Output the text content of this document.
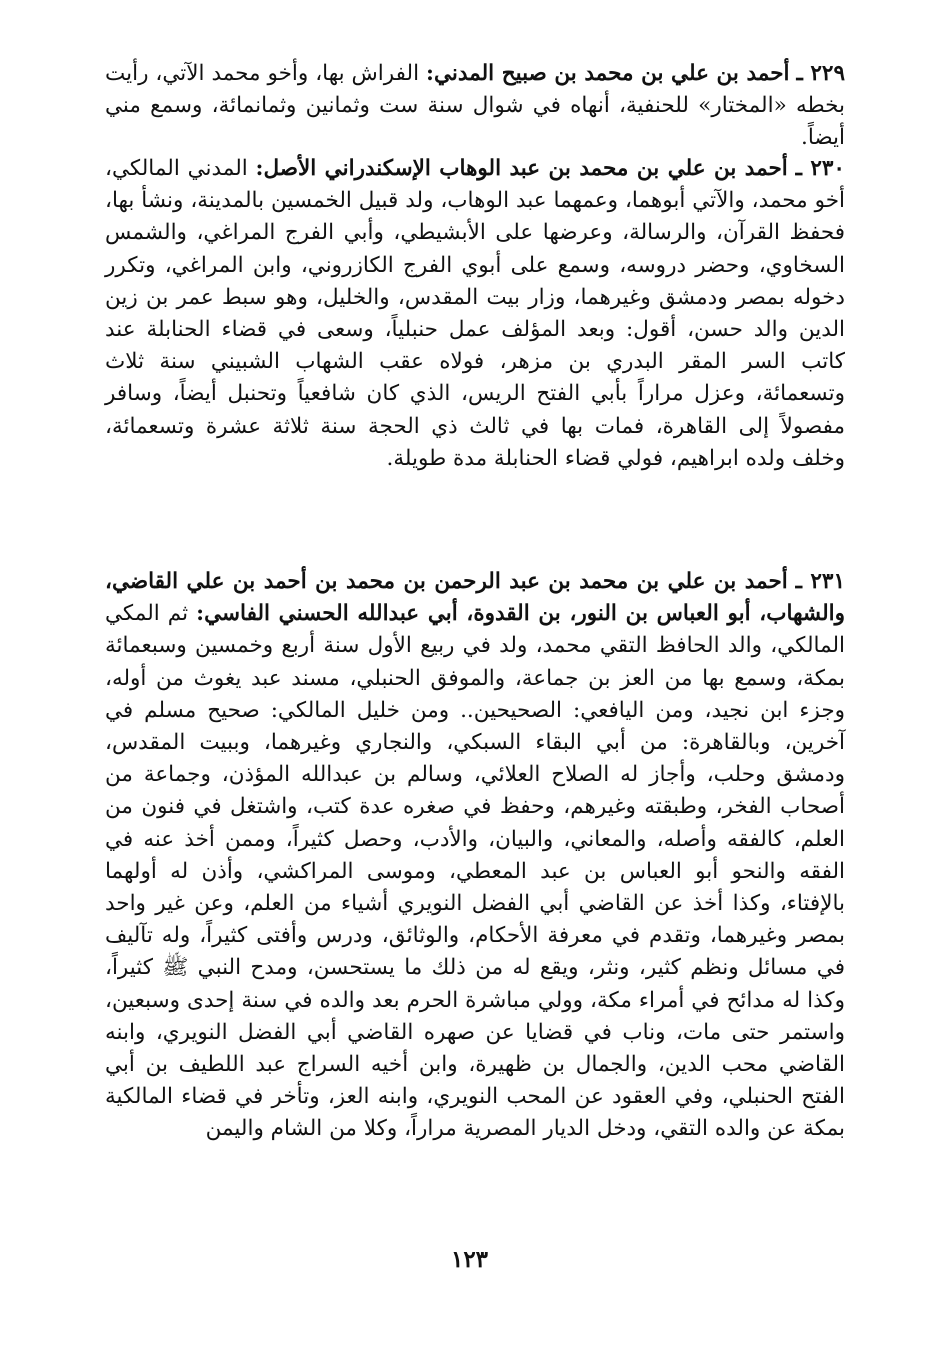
٢٢٩ ـ أحمد بن علي بن محمد بن صبيح المدني: الفراش بها، وأخو محمد الآتي، رأيت بخطه «المختار» للحنفية، أنهاه في شوال سنة ست وثمانين وثمانمائة، وسمع مني أيضاً.

٢٣٠ ـ أحمد بن علي بن محمد بن عبد الوهاب الإسكندراني الأصل: المدني المالكي، أخو محمد، والآتي أبوهما، وعمهما عبد الوهاب، ولد قبيل الخمسين بالمدينة، ونشأ بها، فحفظ القرآن، والرسالة، وعرضها على الأبشيطي، وأبي الفرج المراغي، والشمس السخاوي، وحضر دروسه، وسمع على أبوي الفرج الكازروني، وابن المراغي، وتكرر دخوله بمصر ودمشق وغيرهما، وزار بيت المقدس، والخليل، وهو سبط عمر بن زين الدين والد حسن، أقول: وبعد المؤلف عمل حنبلياً، وسعى في قضاء الحنابلة عند كاتب السر المقر البدري بن مزهر، فولاه عقب الشهاب الشبيني سنة ثلاث وتسعمائة، وعزل مراراً بأبي الفتح الريس، الذي كان شافعياً وتحنبل أيضاً، وسافر مفصولاً إلى القاهرة، فمات بها في ثالث ذي الحجة سنة ثلاثة عشرة وتسعمائة، وخلف ولده ابراهيم، فولي قضاء الحنابلة مدة طويلة.

٢٣١ ـ أحمد بن علي بن محمد بن عبد الرحمن بن محمد بن أحمد بن علي القاضي، والشهاب، أبو العباس بن النور، بن القدوة، أبي عبدالله الحسني الفاسي: ثم المكي المالكي، والد الحافظ التقي محمد، ولد في ربيع الأول سنة أربع وخمسين وسبعمائة بمكة، وسمع بها من العز بن جماعة، والموفق الحنبلي، مسند عبد يغوث من أوله، وجزء ابن نجيد، ومن اليافعي: الصحيحين.. ومن خليل المالكي: صحيح مسلم في آخرين، وبالقاهرة: من أبي البقاء السبكي، والنجاري وغيرهما، وببيت المقدس، ودمشق وحلب، وأجاز له الصلاح العلائي، وسالم بن عبدالله المؤذن، وجماعة من أصحاب الفخر، وطبقته وغيرهم، وحفظ في صغره عدة كتب، واشتغل في فنون من العلم، كالفقه وأصله، والمعاني، والبيان، والأدب، وحصل كثيراً، وممن أخذ عنه في الفقه والنحو أبو العباس بن عبد المعطي، وموسى المراكشي، وأذن له أولهما بالإفتاء، وكذا أخذ عن القاضي أبي الفضل النويري أشياء من العلم، وعن غير واحد بمصر وغيرهما، وتقدم في معرفة الأحكام، والوثائق، ودرس وأفتى كثيراً، وله تآليف في مسائل ونظم كثير، ونثر، ويقع له من ذلك ما يستحسن، ومدح النبي ﷺ كثيراً، وكذا له مدائح في أمراء مكة، وولي مباشرة الحرم بعد والده في سنة إحدى وسبعين، واستمر حتى مات، وناب في قضايا عن صهره القاضي أبي الفضل النويري، وابنه القاضي محب الدين، والجمال بن ظهيرة، وابن أخيه السراج عبد اللطيف بن أبي الفتح الحنبلي، وفي العقود عن المحب النويري، وابنه العز، وتأخر في قضاء المالكية بمكة عن والده التقي، ودخل الديار المصرية مراراً، وكلا من الشام واليمن

١٢٣
